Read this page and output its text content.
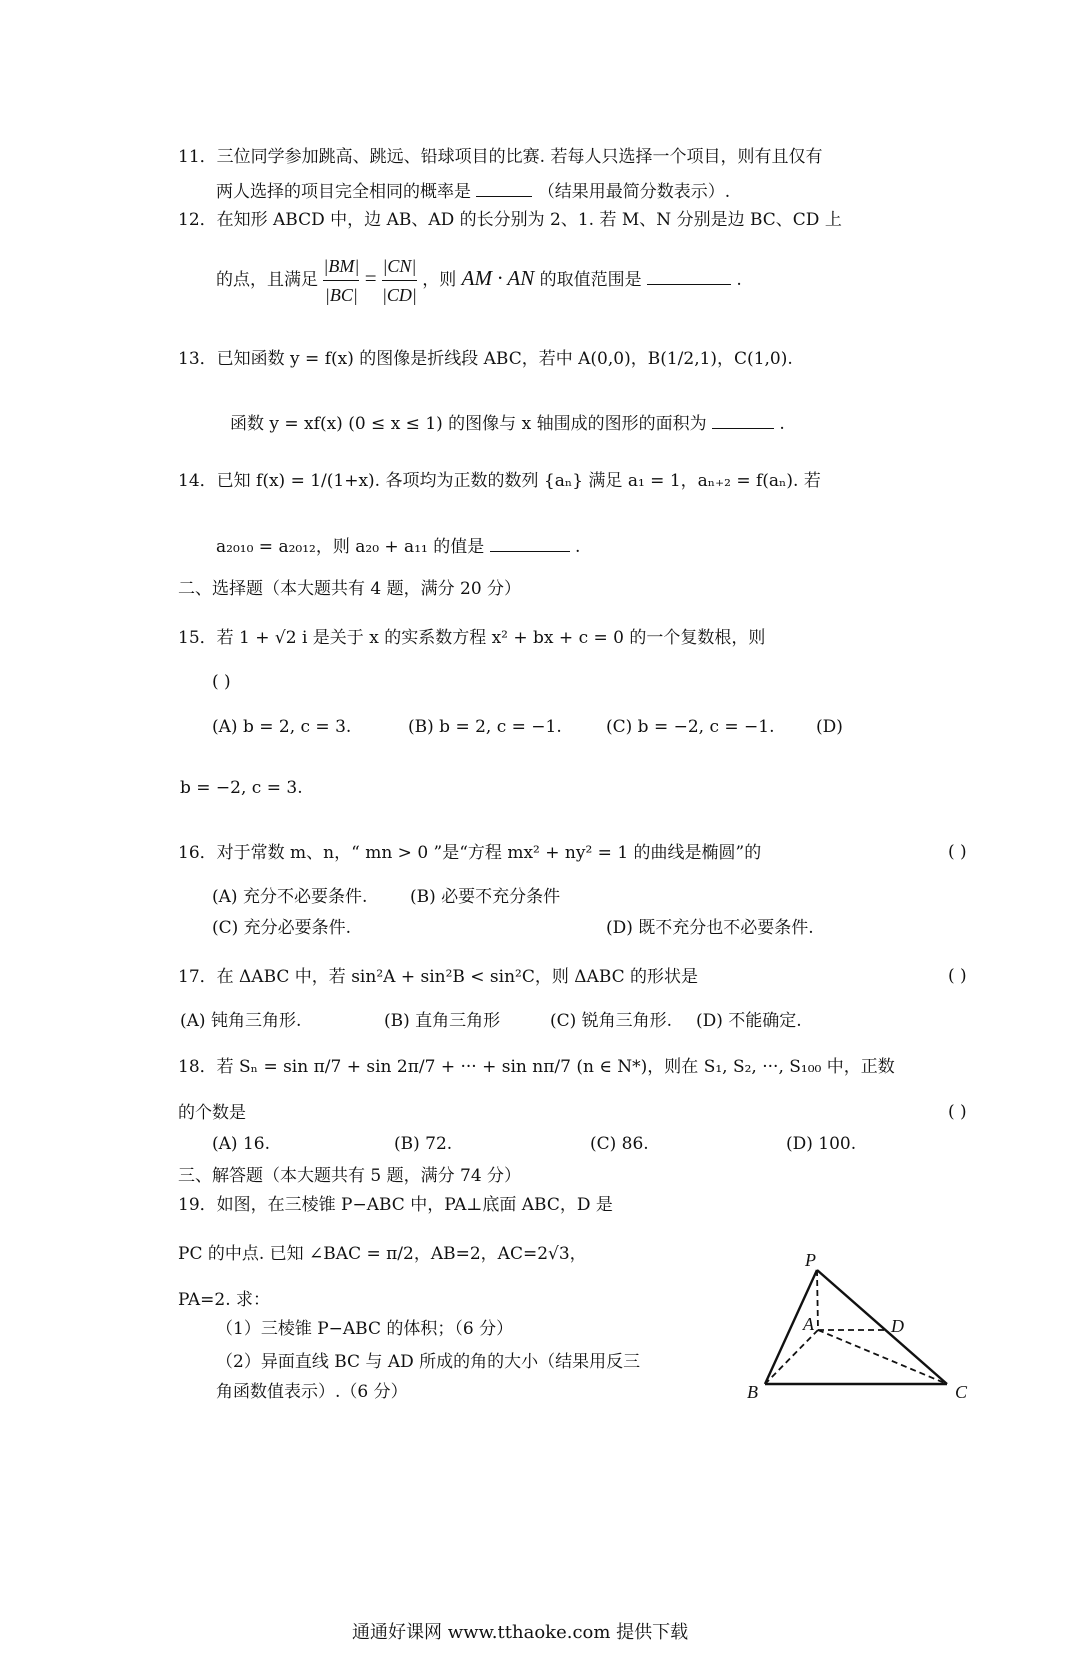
11．三位同学参加跳高、跳远、铅球项目的比赛. 若每人只选择一个项目，则有且仅有
两人选择的项目完全相同的概率是	（结果用最简分数表示）.
12．在知形 ABCD 中，边 AB、AD 的长分别为 2、1. 若 M、N 分别是边 BC、CD 上
的点，且满足 $\frac{|BM|}{|BC|} = \frac{|CN|}{|CD|}$ ，则 AM · AN 的取值范围是	.
13．已知函数 y = f(x) 的图像是折线段 ABC，若中 A(0,0)，B(1/2,1)，C(1,0).
函数 y = xf(x) (0 ≤ x ≤ 1) 的图像与 x 轴围成的图形的面积为	.
14．已知 f(x) = 1/(1+x). 各项均为正数的数列 {aₙ} 满足 a₁ = 1，aₙ₊₂ = f(aₙ). 若
a₂₀₁₀ = a₂₀₁₂，则 a₂₀ + a₁₁ 的值是	.
二、选择题（本大题共有 4 题，满分 20 分）
15．若 1 + √2 i 是关于 x 的实系数方程 x² + bx + c = 0 的一个复数根，则
( )
(A) b = 2, c = 3.	(B) b = 2, c = −1.	(C) b = −2, c = −1. (D)
b = −2, c = 3.
16．对于常数 m、n，“ mn > 0 ”是“方程 mx² + ny² = 1 的曲线是椭圆”的	( )
(A) 充分不必要条件.	(B) 必要不充分条件
(C) 充分必要条件.	(D) 既不充分也不必要条件.
17．在 ΔABC 中，若 sin²A + sin²B < sin²C，则 ΔABC 的形状是	( )
(A) 钝角三角形.	(B) 直角三角形	(C) 锐角三角形. (D) 不能确定.
18．若 Sₙ = sin π/7 + sin 2π/7 + ··· + sin nπ/7 (n ∈ N*)，则在 S₁, S₂, ···, S₁₀₀ 中，正数
的个数是	( )
(A) 16.	(B) 72.	(C) 86.	(D) 100.
三、解答题（本大题共有 5 题，满分 74 分）
19．如图，在三棱锥 P−ABC 中，PA⊥底面 ABC，D 是
PC 的中点. 已知 ∠BAC = π/2，AB=2，AC=2√3，
PA=2. 求：
（1）三棱锥 P−ABC 的体积；（6 分）
（2）异面直线 BC 与 AD 所成的角的大小（结果用反三
角函数值表示）.（6 分）
P
A
B	C
D
通通好课网 www.tthaoke.com 提供下载
